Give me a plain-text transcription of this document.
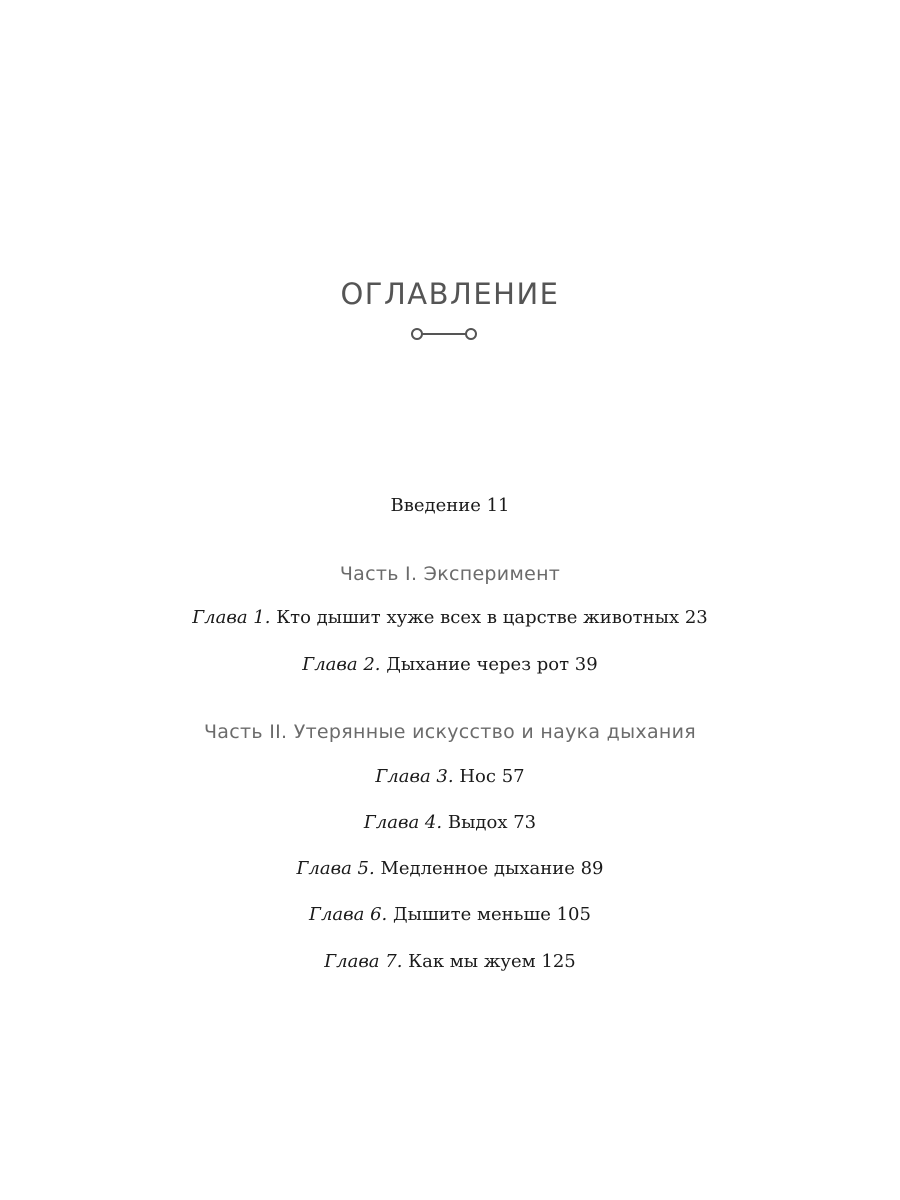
ОГЛАВЛЕНИЕ
Введение 11
Часть I. Эксперимент
Глава 1. Кто дышит хуже всех в царстве животных 23
Глава 2. Дыхание через рот 39
Часть II. Утерянные искусство и наука дыхания
Глава 3. Нос 57
Глава 4. Выдох 73
Глава 5. Медленное дыхание 89
Глава 6. Дышите меньше 105
Глава 7. Как мы жуем 125
